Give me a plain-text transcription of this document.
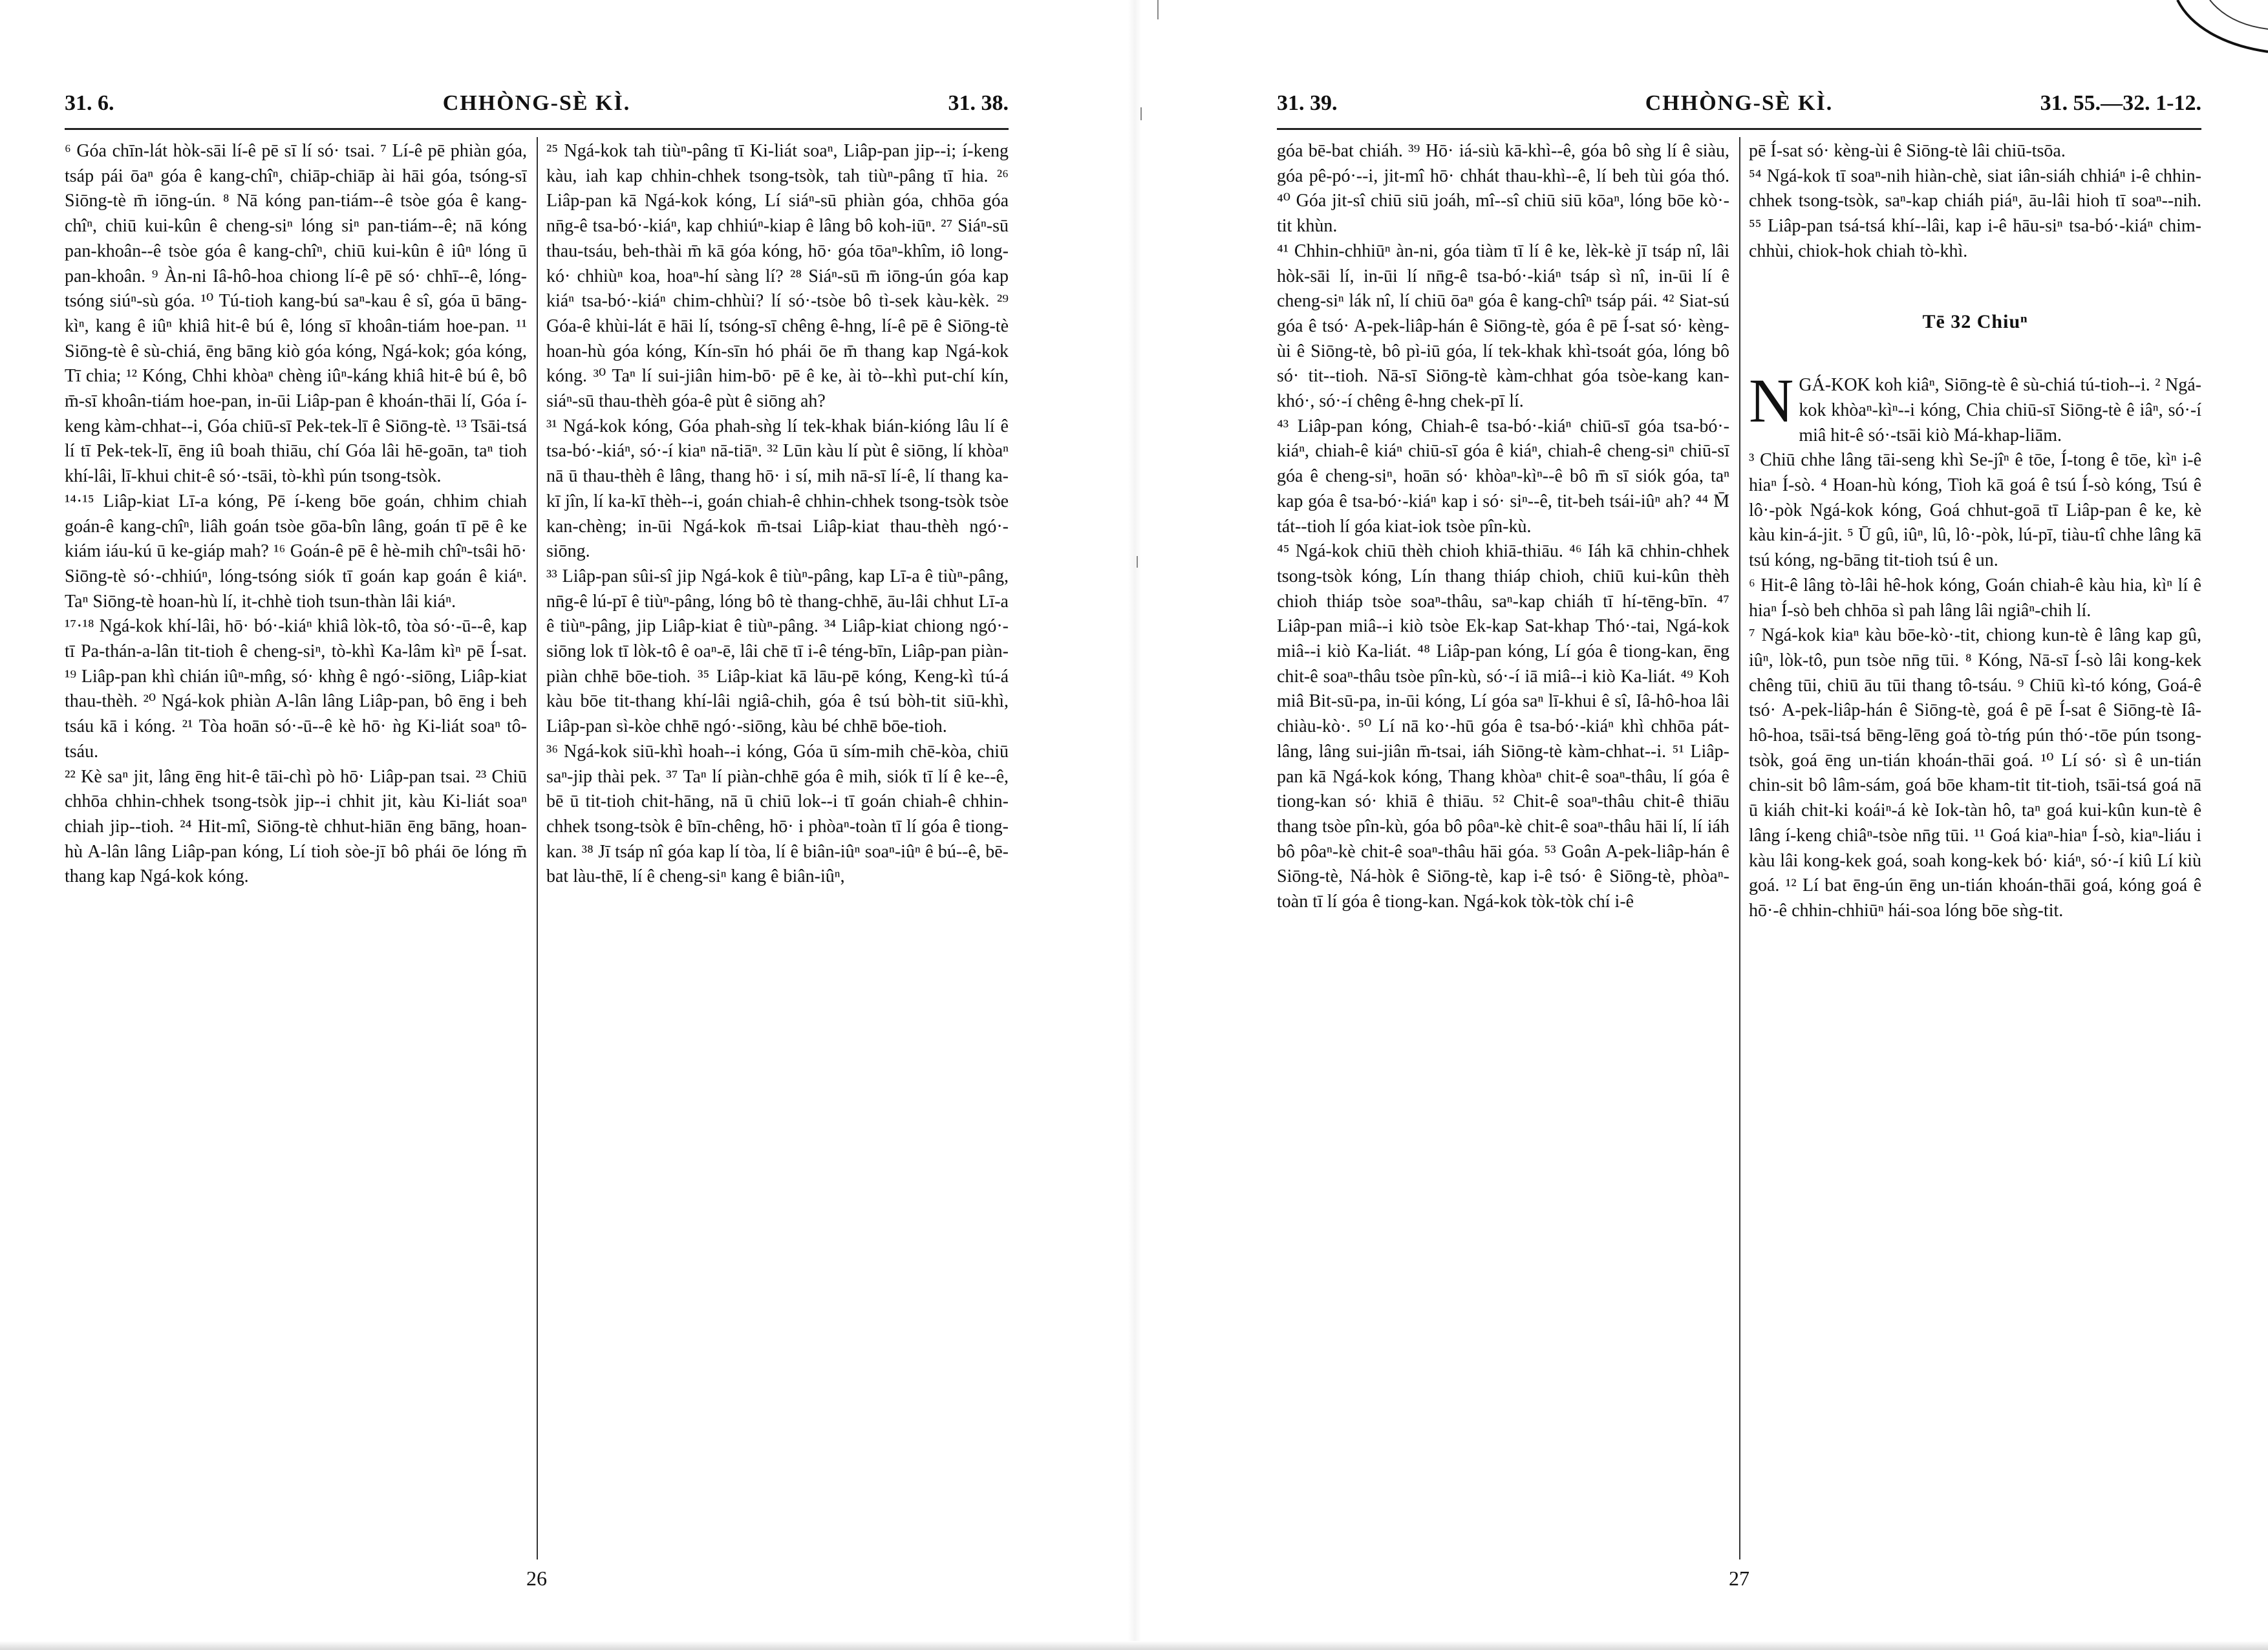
CHHÒNG-SÈ KÌ.
31. 6.	31. 38.

⁶ Góa chīn-lát hòk-sāi lí-ê pē sī lí só· tsai. ⁷ Lí-ê pē phiàn góa, tsáp pái ōaⁿ góa ê kang-chîⁿ, chiāp-chiāp ài hāi góa, tsóng-sī Siōng-tè m̄ iōng-ún. ⁸ Nā kóng pan-tiám--ê tsòe góa ê kang-chîⁿ, chiū kui-kûn ê cheng-siⁿ lóng siⁿ pan-tiám--ê; nā kóng pan-khoân--ê tsòe góa ê kang-chîⁿ, chiū kui-kûn ê iûⁿ lóng ū pan-khoân. ⁹ Àn-ni Iâ-hô-hoa chiong lí-ê pē só· chhī--ê, lóng-tsóng siúⁿ-sù góa. ¹⁰ Tú-tioh kang-bú saⁿ-kau ê sî, góa ū bāng-kìⁿ, kang ê iûⁿ khiâ hit-ê bú ê, lóng sī khoân-tiám hoe-pan. ¹¹ Siōng-tè ê sù-chiá, ēng bāng kiò góa kóng, Ngá-kok; góa kóng, Tī chia; ¹² Kóng, Chhi khòaⁿ chèng iûⁿ-káng khiâ hit-ê bú ê, bô m̄-sī khoân-tiám hoe-pan, in-ūi Liâp-pan ê khoán-thāi lí, Góa í-keng kàm-chhat--i, Góa chiū-sī Pek-tek-lī ê Siōng-tè. ¹³ Tsāi-tsá lí tī Pek-tek-lī, ēng iû boah thiāu, chí Góa lâi hē-goān, taⁿ tioh khí-lâi, lī-khui chit-ê só·-tsāi, tò-khì pún tsong-tsòk.

¹⁴·¹⁵ Liâp-kiat Lī-a kóng, Pē í-keng bōe goán, chhim chiah goán-ê kang-chîⁿ, liâh goán tsòe gōa-bîn lâng, goán tī pē ê ke kiám iáu-kú ū ke-giáp mah? ¹⁶ Goán-ê pē ê hè-mih chîⁿ-tsâi hō· Siōng-tè só·-chhiúⁿ, lóng-tsóng siók tī goán kap goán ê kiáⁿ. Taⁿ Siōng-tè hoan-hù lí, it-chhè tioh tsun-thàn lâi kiáⁿ.

¹⁷·¹⁸ Ngá-kok khí-lâi, hō· bó·-kiáⁿ khiâ lòk-tô, tòa só·-ū--ê, kap tī Pa-thán-a-lân tit-tioh ê cheng-siⁿ, tò-khì Ka-lâm kìⁿ pē Í-sat. ¹⁹ Liâp-pan khì chián iûⁿ-mn̂g, só· khǹg ê ngó·-siōng, Liâp-kiat thau-thèh. ²⁰ Ngá-kok phiàn A-lân lâng Liâp-pan, bô ēng i beh tsáu kā i kóng. ²¹ Tòa hoān só·-ū--ê kè hō· ǹg Ki-liát soaⁿ tô-tsáu.

²² Kè saⁿ jit, lâng ēng hit-ê tāi-chì pò hō· Liâp-pan tsai. ²³ Chiū chhōa chhin-chhek tsong-tsòk jip--i chhit jit, kàu Ki-liát soaⁿ chiah jip--tioh. ²⁴ Hit-mî, Siōng-tè chhut-hiān ēng bāng, hoan-hù A-lân lâng Liâp-pan kóng, Lí tioh sòe-jī bô phái ōe lóng m̄ thang kap Ngá-kok kóng.

²⁵ Ngá-kok tah tiùⁿ-pâng tī Ki-liát soaⁿ, Liâp-pan jip--i; í-keng kàu, iah kap chhin-chhek tsong-tsòk, tah tiùⁿ-pâng tī hia. ²⁶ Liâp-pan kā Ngá-kok kóng, Lí siáⁿ-sū phiàn góa, chhōa góa nn̄g-ê tsa-bó·-kiáⁿ, kap chhiúⁿ-kiap ê lâng bô koh-iūⁿ. ²⁷ Siáⁿ-sū thau-tsáu, beh-thài m̄ kā góa kóng, hō· góa tōaⁿ-khîm, iô long-kó· chhiùⁿ koa, hoaⁿ-hí sàng lí? ²⁸ Siáⁿ-sū m̄ iōng-ún góa kap kiáⁿ tsa-bó·-kiáⁿ chim-chhùi? lí só·-tsòe bô tì-sek kàu-kèk. ²⁹ Góa-ê khùi-lát ē hāi lí, tsóng-sī chêng ê-hng, lí-ê pē ê Siōng-tè hoan-hù góa kóng, Kín-sīn hó phái ōe m̄ thang kap Ngá-kok kóng. ³⁰ Taⁿ lí sui-jiân him-bō· pē ê ke, ài tò--khì put-chí kín, siáⁿ-sū thau-thèh góa-ê pùt ê siōng ah?

³¹ Ngá-kok kóng, Góa phah-sǹg lí tek-khak bián-kióng lâu lí ê tsa-bó·-kiáⁿ, só·-í kiaⁿ nā-tiāⁿ. ³² Lūn kàu lí pùt ê siōng, lí khòaⁿ nā ū thau-thèh ê lâng, thang hō· i sí, mih nā-sī lí-ê, lí thang ka-kī jîn, lí ka-kī thèh--i, goán chiah-ê chhin-chhek tsong-tsòk tsòe kan-chèng; in-ūi Ngá-kok m̄-tsai Liâp-kiat thau-thèh ngó·-siōng.

³³ Liâp-pan sûi-sî jip Ngá-kok ê tiùⁿ-pâng, kap Lī-a ê tiùⁿ-pâng, nn̄g-ê lú-pī ê tiùⁿ-pâng, lóng bô tè thang-chhē, āu-lâi chhut Lī-a ê tiùⁿ-pâng, jip Liâp-kiat ê tiùⁿ-pâng. ³⁴ Liâp-kiat chiong ngó·-siōng lok tī lòk-tô ê oaⁿ-ē, lâi chē tī i-ê téng-bīn, Liâp-pan piàn-piàn chhē bōe-tioh. ³⁵ Liâp-kiat kā lāu-pē kóng, Keng-kì tú-á kàu bōe tit-thang khí-lâi ngiâ-chih, góa ê tsú bòh-tit siū-khì, Liâp-pan sì-kòe chhē ngó·-siōng, kàu bé chhē bōe-tioh.

³⁶ Ngá-kok siū-khì hoah--i kóng, Góa ū sím-mih chē-kòa, chiū saⁿ-jip thài pek. ³⁷ Taⁿ lí piàn-chhē góa ê mih, siók tī lí ê ke--ê, bē ū tit-tioh chit-hāng, nā ū chiū lok--i tī goán chiah-ê chhin-chhek tsong-tsòk ê bīn-chêng, hō· i phòaⁿ-toàn tī lí góa ê tiong-kan. ³⁸ Jī tsáp nî góa kap lí tòa, lí ê biân-iûⁿ soaⁿ-iûⁿ ê bú--ê, bē-bat làu-thē, lí ê cheng-siⁿ kang ê biân-iûⁿ,

26
CHHÒNG-SÈ KÌ.
31. 39.	31. 55.—32. 1-12.

góa bē-bat chiáh. ³⁹ Hō· iá-siù kā-khì--ê, góa bô sǹg lí ê siàu, góa pê-pó·--i, jit-mî hō· chhát thau-khì--ê, lí beh tùi góa thó. ⁴⁰ Góa jit-sî chiū siū joáh, mî--sî chiū siū kōaⁿ, lóng bōe kò·-tit khùn.

⁴¹ Chhin-chhiūⁿ àn-ni, góa tiàm tī lí ê ke, lèk-kè jī tsáp nî, lâi hòk-sāi lí, in-ūi lí nn̄g-ê tsa-bó·-kiáⁿ tsáp sì nî, in-ūi lí ê cheng-siⁿ lák nî, lí chiū ōaⁿ góa ê kang-chîⁿ tsáp pái. ⁴² Siat-sú góa ê tsó· A-pek-liâp-hán ê Siōng-tè, góa ê pē Í-sat só· kèng-ùi ê Siōng-tè, bô pì-iū góa, lí tek-khak khì-tsoát góa, lóng bô só· tit--tioh. Nā-sī Siōng-tè kàm-chhat góa tsòe-kang kan-khó·, só·-í chêng ê-hng chek-pī lí.

⁴³ Liâp-pan kóng, Chiah-ê tsa-bó·-kiáⁿ chiū-sī góa tsa-bó·-kiáⁿ, chiah-ê kiáⁿ chiū-sī góa ê kiáⁿ, chiah-ê cheng-siⁿ chiū-sī góa ê cheng-siⁿ, hoān só· khòaⁿ-kìⁿ--ê bô m̄ sī siók góa, taⁿ kap góa ê tsa-bó·-kiáⁿ kap i só· siⁿ--ê, tit-beh tsái-iûⁿ ah? ⁴⁴ M̄ tát--tioh lí góa kiat-iok tsòe pîn-kù.

⁴⁵ Ngá-kok chiū thèh chioh khiā-thiāu. ⁴⁶ Iáh kā chhin-chhek tsong-tsòk kóng, Lín thang thiáp chioh, chiū kui-kûn thèh chioh thiáp tsòe soaⁿ-thâu, saⁿ-kap chiáh tī hí-tēng-bīn. ⁴⁷ Liâp-pan miâ--i kiò tsòe Ek-kap Sat-khap Thó·-tai, Ngá-kok miâ--i kiò Ka-liát. ⁴⁸ Liâp-pan kóng, Lí góa ê tiong-kan, ēng chit-ê soaⁿ-thâu tsòe pîn-kù, só·-í iā miâ--i kiò Ka-liát. ⁴⁹ Koh miâ Bit-sū-pa, in-ūi kóng, Lí góa saⁿ lī-khui ê sî, Iâ-hô-hoa lâi chiàu-kò·. ⁵⁰ Lí nā ko·-hū góa ê tsa-bó·-kiáⁿ khì chhōa pát-lâng, lâng sui-jiân m̄-tsai, iáh Siōng-tè kàm-chhat--i. ⁵¹ Liâp-pan kā Ngá-kok kóng, Thang khòaⁿ chit-ê soaⁿ-thâu, lí góa ê tiong-kan só· khiā ê thiāu. ⁵² Chit-ê soaⁿ-thâu chit-ê thiāu thang tsòe pîn-kù, góa bô pôaⁿ-kè chit-ê soaⁿ-thâu hāi lí, lí iáh bô pôaⁿ-kè chit-ê soaⁿ-thâu hāi góa. ⁵³ Goân A-pek-liâp-hán ê Siōng-tè, Ná-hòk ê Siōng-tè, kap i-ê tsó· ê Siōng-tè, phòaⁿ-toàn tī lí góa ê tiong-kan. Ngá-kok tòk-tòk chí i-ê

pē Í-sat só· kèng-ùi ê Siōng-tè lâi chiū-tsōa.

⁵⁴ Ngá-kok tī soaⁿ-nih hiàn-chè, siat iân-siáh chhiáⁿ i-ê chhin-chhek tsong-tsòk, saⁿ-kap chiáh piáⁿ, āu-lâi hioh tī soaⁿ--nih. ⁵⁵ Liâp-pan tsá-tsá khí--lâi, kap i-ê hāu-siⁿ tsa-bó·-kiáⁿ chim-chhùi, chiok-hok chiah tò-khì.

Tē 32 Chiuⁿ

NGÁ-KOK koh kiâⁿ, Siōng-tè ê sù-chiá tú-tioh--i. ² Ngá-kok khòaⁿ-kìⁿ--i kóng, Chia chiū-sī Siōng-tè ê iâⁿ, só·-í miâ hit-ê só·-tsāi kiò Má-khap-liām.

³ Chiū chhe lâng tāi-seng khì Se-jîⁿ ê tōe, Í-tong ê tōe, kìⁿ i-ê hiaⁿ Í-sò. ⁴ Hoan-hù kóng, Tioh kā goá ê tsú Í-sò kóng, Tsú ê lô·-pòk Ngá-kok kóng, Goá chhut-goā tī Liâp-pan ê ke, kè kàu kin-á-jit. ⁵ Ū gû, iûⁿ, lû, lô·-pòk, lú-pī, tiàu-tî chhe lâng kā tsú kóng, ng-bāng tit-tioh tsú ê un.

⁶ Hit-ê lâng tò-lâi hê-hok kóng, Goán chiah-ê kàu hia, kìⁿ lí ê hiaⁿ Í-sò beh chhōa sì pah lâng lâi ngiâⁿ-chih lí.

⁷ Ngá-kok kiaⁿ kàu bōe-kò·-tit, chiong kun-tè ê lâng kap gû, iûⁿ, lòk-tô, pun tsòe nn̄g tūi. ⁸ Kóng, Nā-sī Í-sò lâi kong-kek chêng tūi, chiū āu tūi thang tô-tsáu. ⁹ Chiū kì-tó kóng, Goá-ê tsó· A-pek-liâp-hán ê Siōng-tè, goá ê pē Í-sat ê Siōng-tè Iâ-hô-hoa, tsāi-tsá bēng-lēng goá tò-tńg pún thó·-tōe pún tsong-tsòk, goá ēng un-tián khoán-thāi goá. ¹⁰ Lí só· sì ê un-tián chin-sit bô lâm-sám, goá bōe kham-tit tit-tioh, tsāi-tsá goá nā ū kiáh chit-ki koáiⁿ-á kè Iok-tàn hô, taⁿ goá kui-kûn kun-tè ê lâng í-keng chiâⁿ-tsòe nn̄g tūi. ¹¹ Goá kiaⁿ-hiaⁿ Í-sò, kiaⁿ-liáu i kàu lâi kong-kek goá, soah kong-kek bó· kiáⁿ, só·-í kiû Lí kiù goá. ¹² Lí bat ēng-ún ēng un-tián khoán-thāi goá, kóng goá ê hō·-ê chhin-chhiūⁿ hái-soa lóng bōe sǹg-tit.

27
